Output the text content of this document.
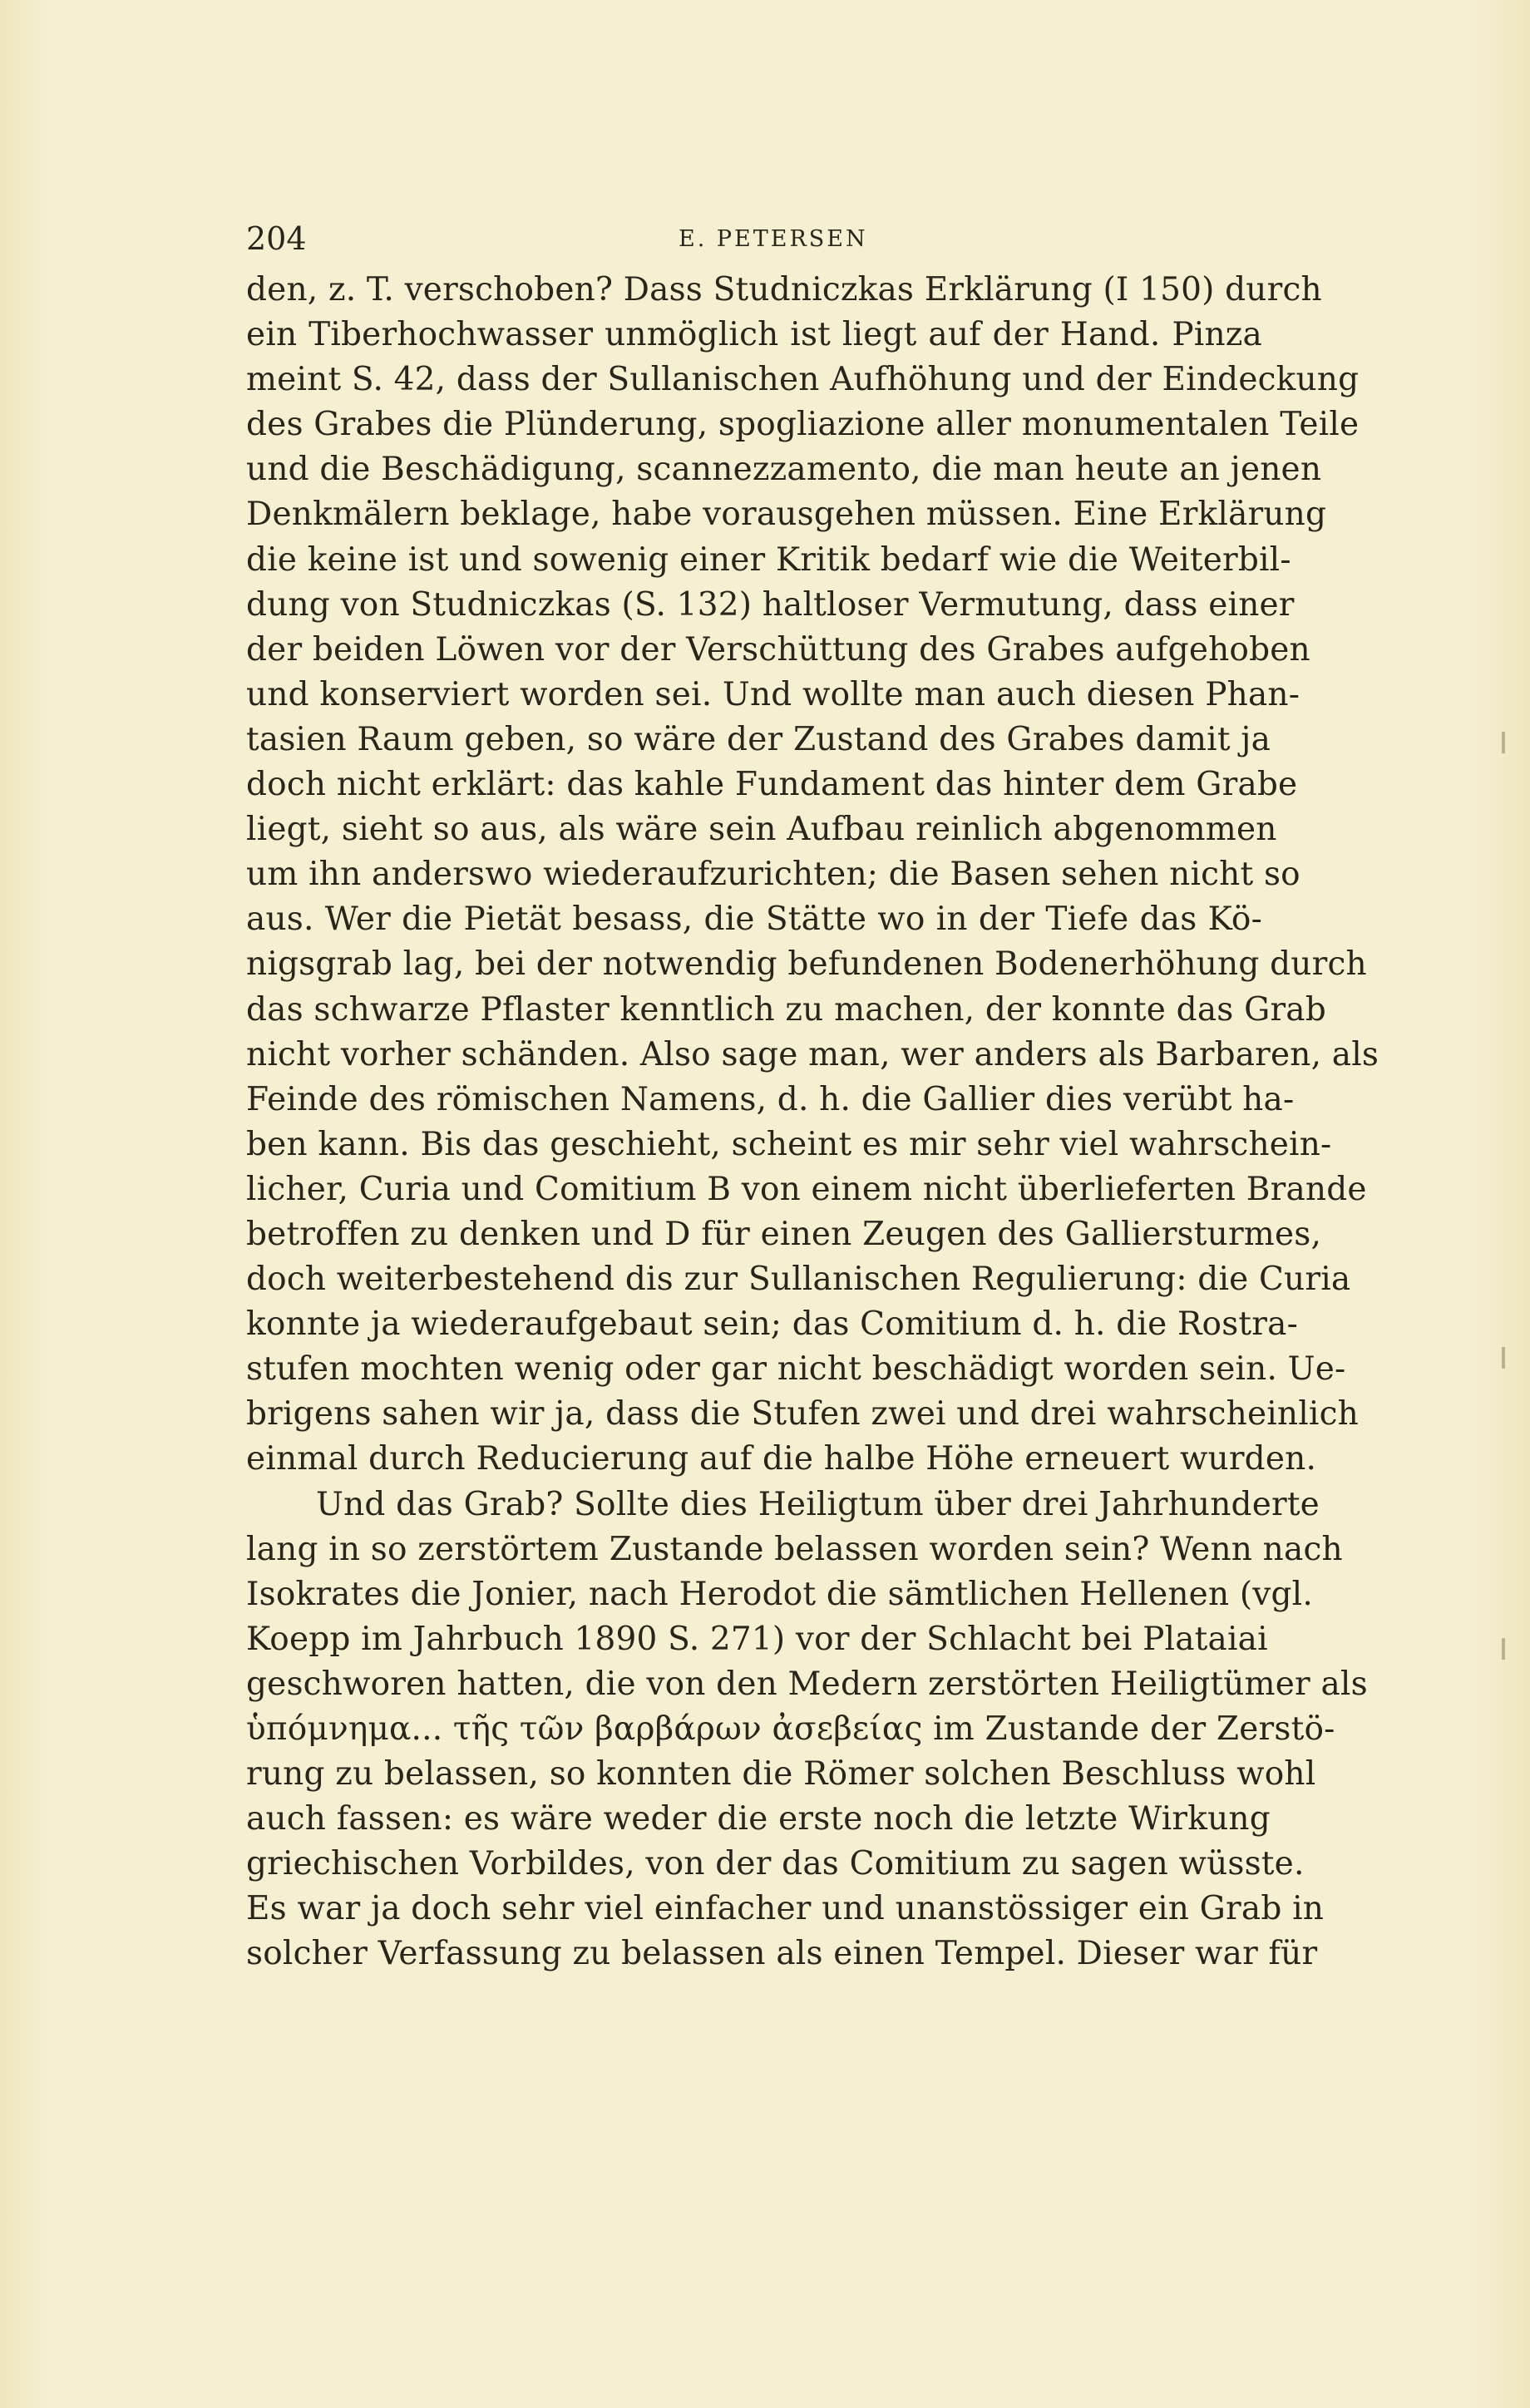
204	E. PETERSEN
den, z. T. verschoben? Dass Studniczkas Erklärung (I 150) durch
ein Tiberhochwasser unmöglich ist liegt auf der Hand. Pinza
meint S. 42, dass der Sullanischen Aufhöhung und der Eindeckung
des Grabes die Plünderung, spogliazione aller monumentalen Teile
und die Beschädigung, scannezzamento, die man heute an jenen
Denkmälern beklage, habe vorausgehen müssen. Eine Erklärung
die keine ist und sowenig einer Kritik bedarf wie die Weiterbil-
dung von Studniczkas (S. 132) haltloser Vermutung, dass einer
der beiden Löwen vor der Verschüttung des Grabes aufgehoben
und konserviert worden sei. Und wollte man auch diesen Phan-
tasien Raum geben, so wäre der Zustand des Grabes damit ja
doch nicht erklärt: das kahle Fundament das hinter dem Grabe
liegt, sieht so aus, als wäre sein Aufbau reinlich abgenommen
um ihn anderswo wiederaufzurichten; die Basen sehen nicht so
aus. Wer die Pietät besass, die Stätte wo in der Tiefe das Kö-
nigsgrab lag, bei der notwendig befundenen Bodenerhöhung durch
das schwarze Pflaster kenntlich zu machen, der konnte das Grab
nicht vorher schänden. Also sage man, wer anders als Barbaren, als
Feinde des römischen Namens, d. h. die Gallier dies verübt ha-
ben kann. Bis das geschieht, scheint es mir sehr viel wahrschein-
licher, Curia und Comitium B von einem nicht überlieferten Brande
betroffen zu denken und D für einen Zeugen des Galliersturmes,
doch weiterbestehend dis zur Sullanischen Regulierung: die Curia
konnte ja wiederaufgebaut sein; das Comitium d. h. die Rostra-
stufen mochten wenig oder gar nicht beschädigt worden sein. Ue-
brigens sahen wir ja, dass die Stufen zwei und drei wahrscheinlich
einmal durch Reducierung auf die halbe Höhe erneuert wurden.
Und das Grab? Sollte dies Heiligtum über drei Jahrhunderte
lang in so zerstörtem Zustande belassen worden sein? Wenn nach
Isokrates die Jonier, nach Herodot die sämtlichen Hellenen (vgl.
Koepp im Jahrbuch 1890 S. 271) vor der Schlacht bei Plataiai
geschworen hatten, die von den Medern zerstörten Heiligtümer als
ὑπόμνημα... τῆς τῶν βαρβάρων ἀσεβείας im Zustande der Zerstö-
rung zu belassen, so konnten die Römer solchen Beschluss wohl
auch fassen: es wäre weder die erste noch die letzte Wirkung
griechischen Vorbildes, von der das Comitium zu sagen wüsste.
Es war ja doch sehr viel einfacher und unanstössiger ein Grab in
solcher Verfassung zu belassen als einen Tempel. Dieser war für
